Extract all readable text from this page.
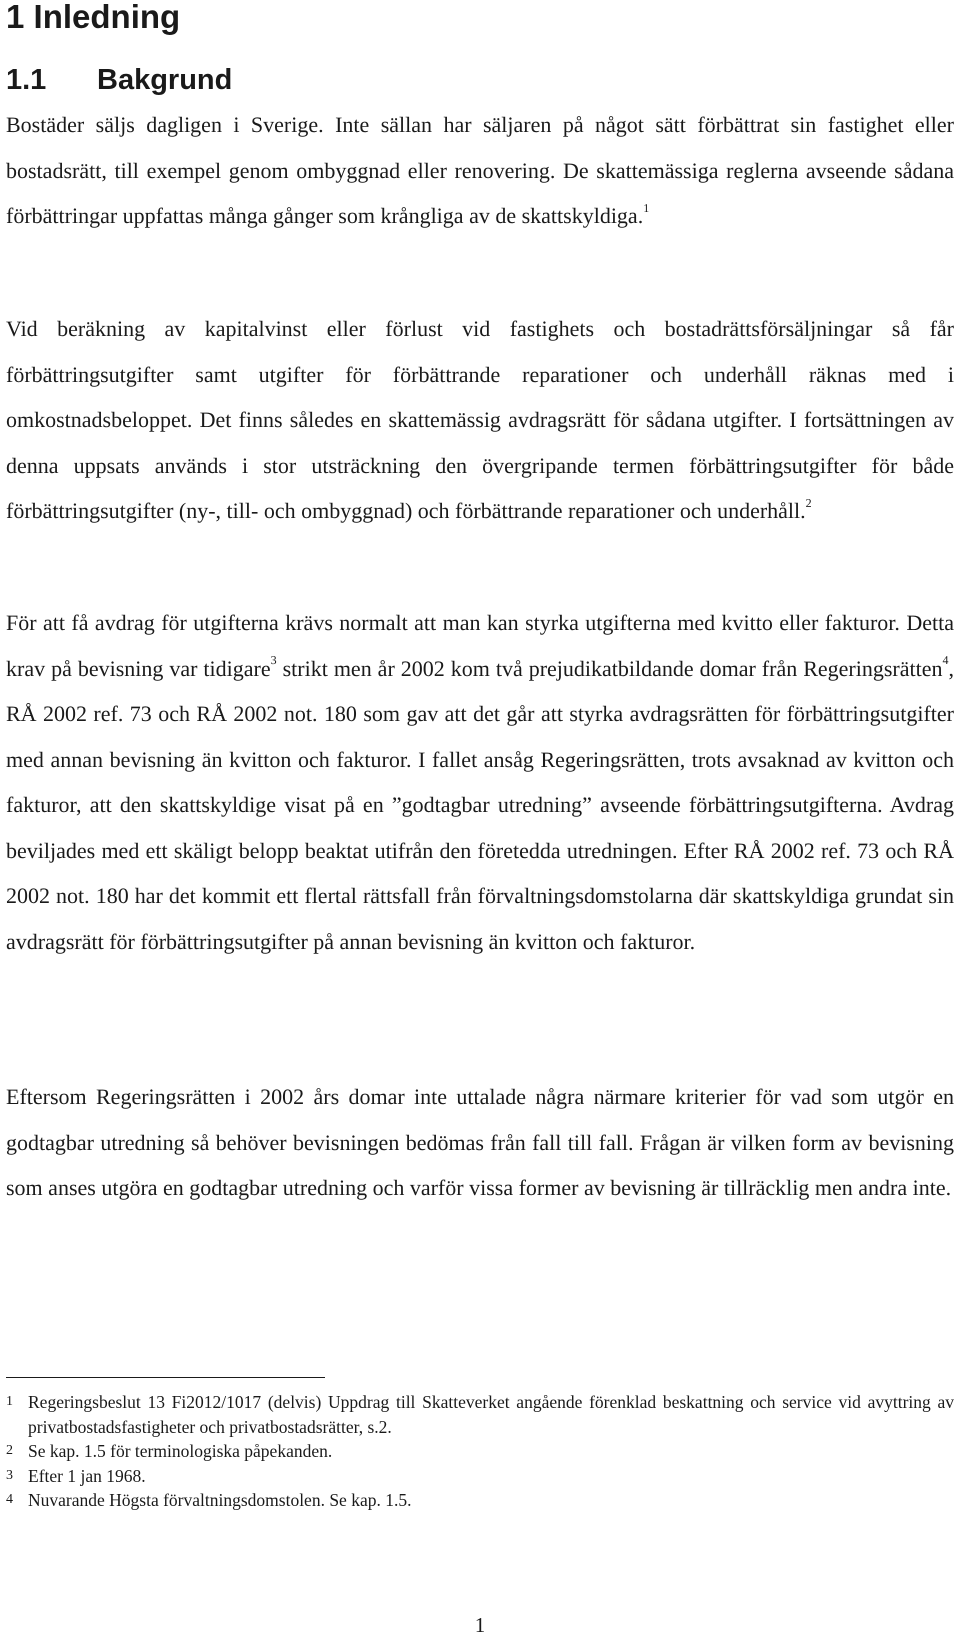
1 Inledning
1.1 Bakgrund

Bostäder säljs dagligen i Sverige. Inte sällan har säljaren på något sätt förbättrat sin fastighet eller bostadsrätt, till exempel genom ombyggnad eller renovering. De skattemässiga reglerna avseende sådana förbättringar uppfattas många gånger som krångliga av de skattskyldiga.$^1$

Vid beräkning av kapitalvinst eller förlust vid fastighets och bostadrättsförsäljningar så får förbättringsutgifter samt utgifter för förbättrande reparationer och underhåll räknas med i omkostnadsbeloppet. Det finns således en skattemässig avdragsrätt för sådana utgifter. I fortsättningen av denna uppsats används i stor utsträckning den övergripande termen förbättringsutgifter för både förbättringsutgifter (ny-, till- och ombyggnad) och förbättrande reparationer och underhåll.$^2$

För att få avdrag för utgifterna krävs normalt att man kan styrka utgifterna med kvitto eller fakturor. Detta krav på bevisning var tidigare$^3$ strikt men år 2002 kom två prejudikatbildande domar från Regeringsrätten$^4$, RÅ 2002 ref. 73 och RÅ 2002 not. 180 som gav att det går att styrka avdragsrätten för förbättringsutgifter med annan bevisning än kvitton och fakturor. I fallet ansåg Regeringsrätten, trots avsaknad av kvitton och fakturor, att den skattskyldige visat på en ”godtagbar utredning” avseende förbättringsutgifterna. Avdrag beviljades med ett skäligt belopp beaktat utifrån den företedda utredningen. Efter RÅ 2002 ref. 73 och RÅ 2002 not. 180 har det kommit ett flertal rättsfall från förvaltningsdomstolarna där skattskyldiga grundat sin avdragsrätt för förbättringsutgifter på annan bevisning än kvitton och fakturor.

Eftersom Regeringsrätten i 2002 års domar inte uttalade några närmare kriterier för vad som utgör en godtagbar utredning så behöver bevisningen bedömas från fall till fall. Frågan är vilken form av bevisning som anses utgöra en godtagbar utredning och varför vissa former av bevisning är tillräcklig men andra inte.

1 Regeringsbeslut 13 Fi2012/1017 (delvis) Uppdrag till Skatteverket angående förenklad beskattning och service vid avyttring av privatbostadsfastigheter och privatbostadsrätter, s.2.
2 Se kap. 1.5 för terminologiska påpekanden.
3 Efter 1 jan 1968.
4 Nuvarande Högsta förvaltningsdomstolen. Se kap. 1.5.
1
